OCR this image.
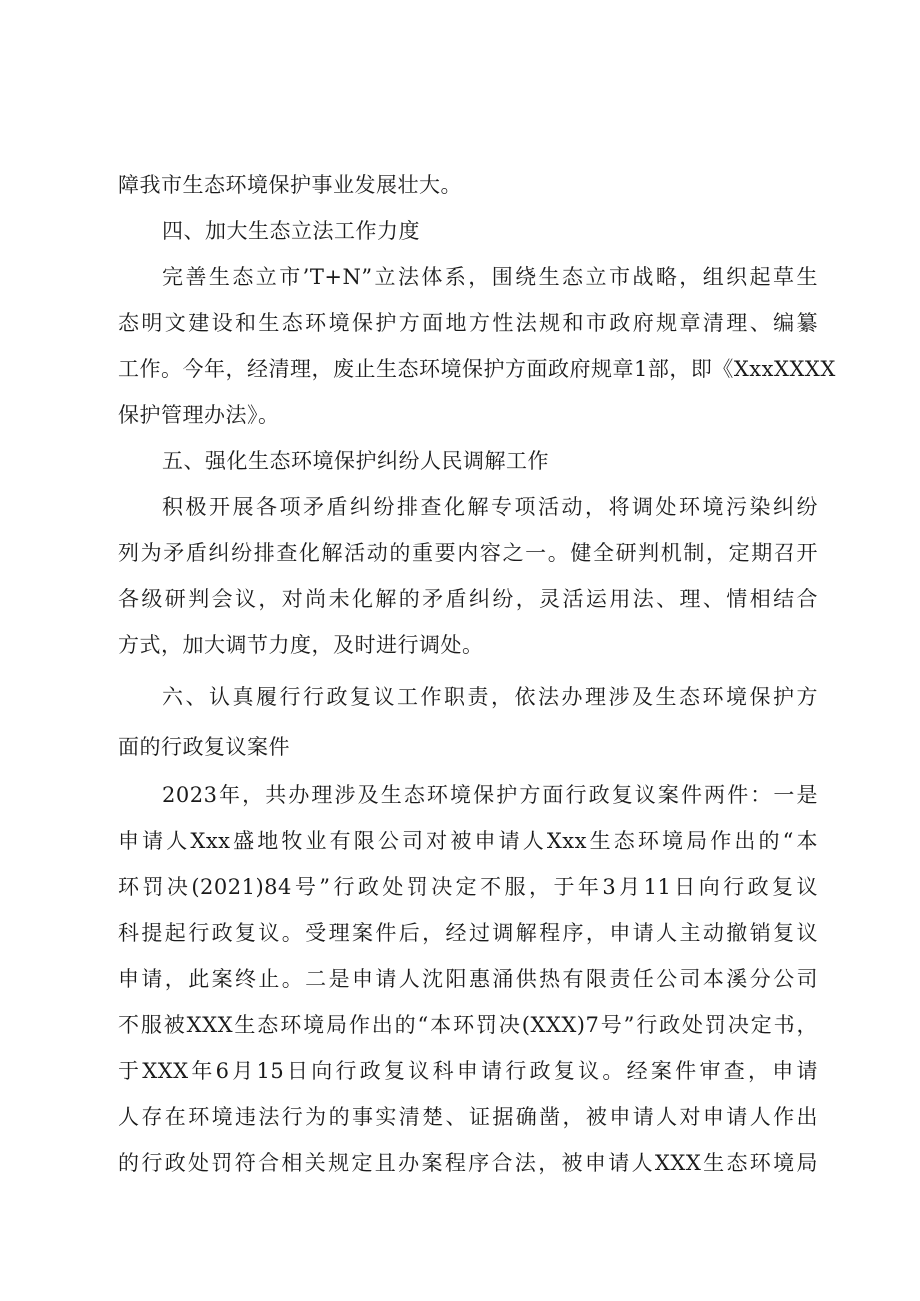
障我市生态环境保护事业发展壮大。
四、加大生态立法工作力度
完善生态立市’T+N”立法体系，围绕生态立市战略，组织起草生
态明文建设和生态环境保护方面地方性法规和市政府规章清理、编纂
工作。今年，经清理，废止生态环境保护方面政府规章1部，即《XxxXXXX
保护管理办法》。
五、强化生态环境保护纠纷人民调解工作
积极开展各项矛盾纠纷排查化解专项活动，将调处环境污染纠纷
列为矛盾纠纷排查化解活动的重要内容之一。健全研判机制，定期召开
各级研判会议，对尚未化解的矛盾纠纷，灵活运用法、理、情相结合
方式，加大调节力度，及时进行调处。
六、认真履行行政复议工作职责，依法办理涉及生态环境保护方
面的行政复议案件
2023年，共办理涉及生态环境保护方面行政复议案件两件：一是
申请人Xxx盛地牧业有限公司对被申请人Xxx生态环境局作出的“本
环罚决(2021)84号”行政处罚决定不服，于年3月11日向行政复议
科提起行政复议。受理案件后，经过调解程序，申请人主动撤销复议
申请，此案终止。二是申请人沈阳惠涌供热有限责任公司本溪分公司
不服被XXX生态环境局作出的“本环罚决(XXX)7号”行政处罚决定书，
于XXX年6月15日向行政复议科申请行政复议。经案件审查，申请
人存在环境违法行为的事实清楚、证据确凿，被申请人对申请人作出
的行政处罚符合相关规定且办案程序合法，被申请人XXX生态环境局
